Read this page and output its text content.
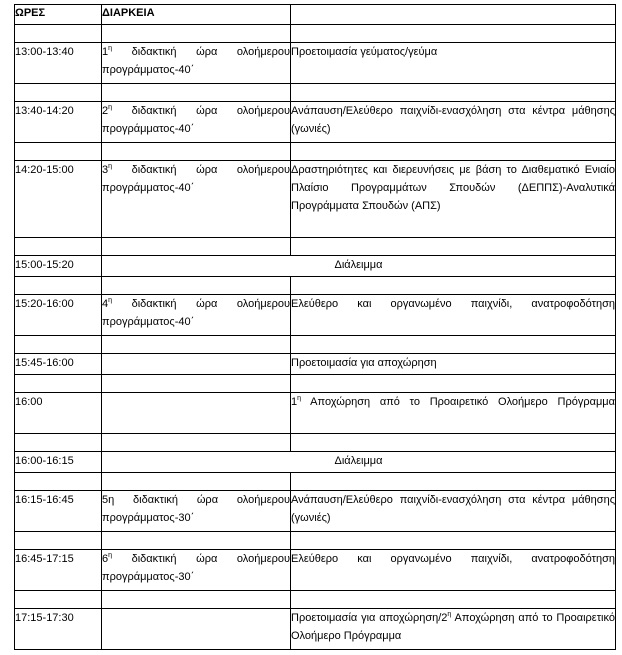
ΩΡΕΣ	ΔΙΑΡΚΕΙΑ	

13:00-13:40	$1^\eta$ διδακτική ώρα ολοήμερου προγράμματος-40΄	Προετοιμασία γεύματος/γεύμα

13:40-14:20	$2^\eta$ διδακτική ώρα ολοήμερου προγράμματος-40΄	Ανάπαυση/Ελεύθερο παιχνίδι-ενασχόληση στα κέντρα μάθησης (γωνιές)

14:20-15:00	$3^\eta$ διδακτική ώρα ολοήμερου προγράμματος-40΄	Δραστηριότητες και διερευνήσεις με βάση το Διαθεματικό Ενιαίο Πλαίσιο Προγραμμάτων Σπουδών (ΔΕΠΠΣ)-Αναλυτικά Προγράμματα Σπουδών (ΑΠΣ)

15:00-15:20	Διάλειμμα	

15:20-16:00	$4^\eta$ διδακτική ώρα ολοήμερου προγράμματος-40΄	Ελεύθερο και οργανωμένο παιχνίδι, ανατροφοδότηση

15:45-16:00		Προετοιμασία για αποχώρηση

16:00		$1^\eta$ Αποχώρηση από το Προαιρετικό Ολοήμερο Πρόγραμμα

16:00-16:15	Διάλειμμα	

16:15-16:45	5η διδακτική ώρα ολοήμερου προγράμματος-30΄	Ανάπαυση/Ελεύθερο παιχνίδι-ενασχόληση στα κέντρα μάθησης (γωνιές)

16:45-17:15	$6^\eta$ διδακτική ώρα ολοήμερου προγράμματος-30΄	Ελεύθερο και οργανωμένο παιχνίδι, ανατροφοδότηση

17:15-17:30		Προετοιμασία για αποχώρηση/$2^\eta$ Αποχώρηση από το Προαιρετικό Ολοήμερο Πρόγραμμα
